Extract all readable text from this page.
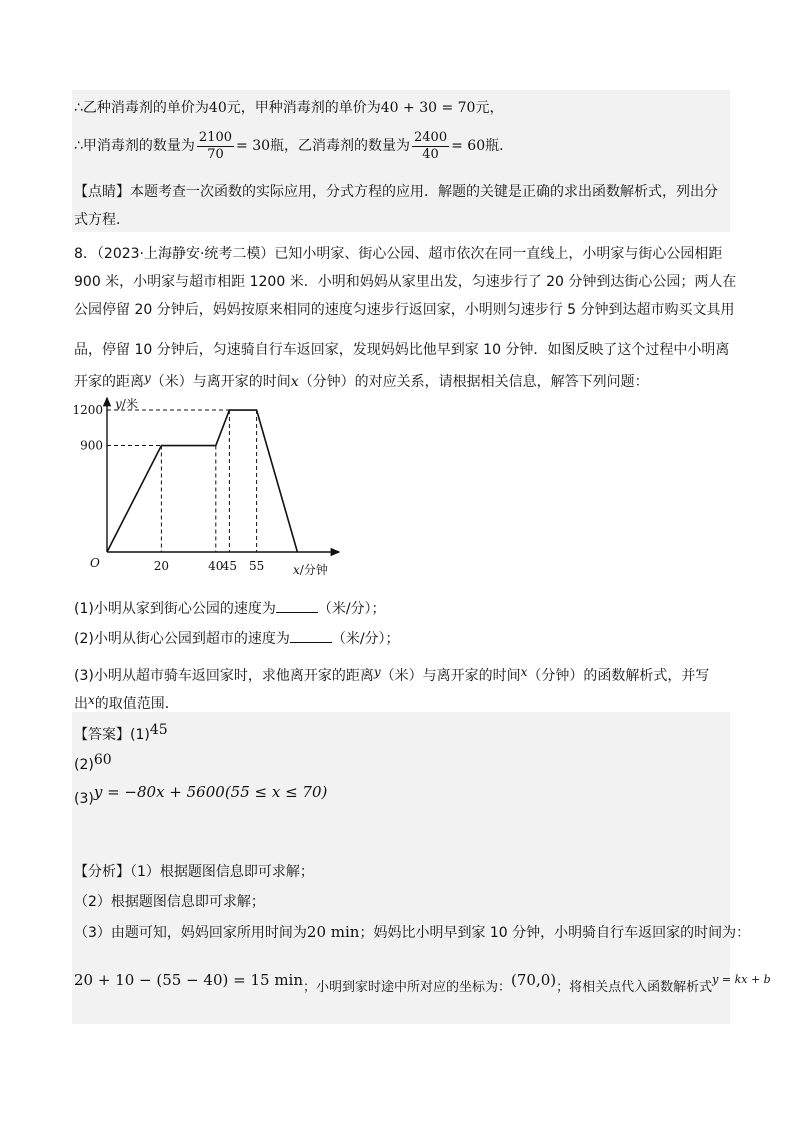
∴乙种消毒剂的单价为40元，甲种消毒剂的单价为40 + 30 = 70元，
∴甲消毒剂的数量为 $\frac{2100}{70} = 30$瓶，乙消毒剂的数量为 $\frac{2400}{40} = 60$瓶.
【点睛】本题考查一次函数的实际应用，分式方程的应用．解题的关键是正确的求出函数解析式，列出分
式方程．
8．（2023·上海静安·统考二模）已知小明家、街心公园、超市依次在同一直线上，小明家与街心公园相距
900 米，小明家与超市相距 1200 米．小明和妈妈从家里出发，匀速步行了 20 分钟到达街心公园；两人在
公园停留 20 分钟后，妈妈按原来相同的速度匀速步行返回家，小明则匀速步行 5 分钟到达超市购买文具用
品，停留 10 分钟后，匀速骑自行车返回家，发现妈妈比他早到家 10 分钟．如图反映了这个过程中小明离
开家的距离y（米）与离开家的时间x（分钟）的对应关系，请根据相关信息，解答下列问题：
y/米
x/分钟
O
900
1200
20	40
45 55
(1)小明从家到街心公园的速度为	（米/分）；
(2)小明从街心公园到超市的速度为	（米/分）；
(3)小明从超市骑车返回家时，求他离开家的距离y（米）与离开家的时间x（分钟）的函数解析式，并写
出x的取值范围．
【答案】(1)45
(2)60
(3)y = −80x + 5600(55 ≤ x ≤ 70)
【分析】（1）根据题图信息即可求解；
（2）根据题图信息即可求解；
（3）由题可知，妈妈回家所用时间为20 min；妈妈比小明早到家 10 分钟，小明骑自行车返回家的时间为：
20 + 10 − (55 − 40) = 15 min；小明到家时途中所对应的坐标为：(70,0)；将相关点代入函数解析式$^{y = kx + b}$
